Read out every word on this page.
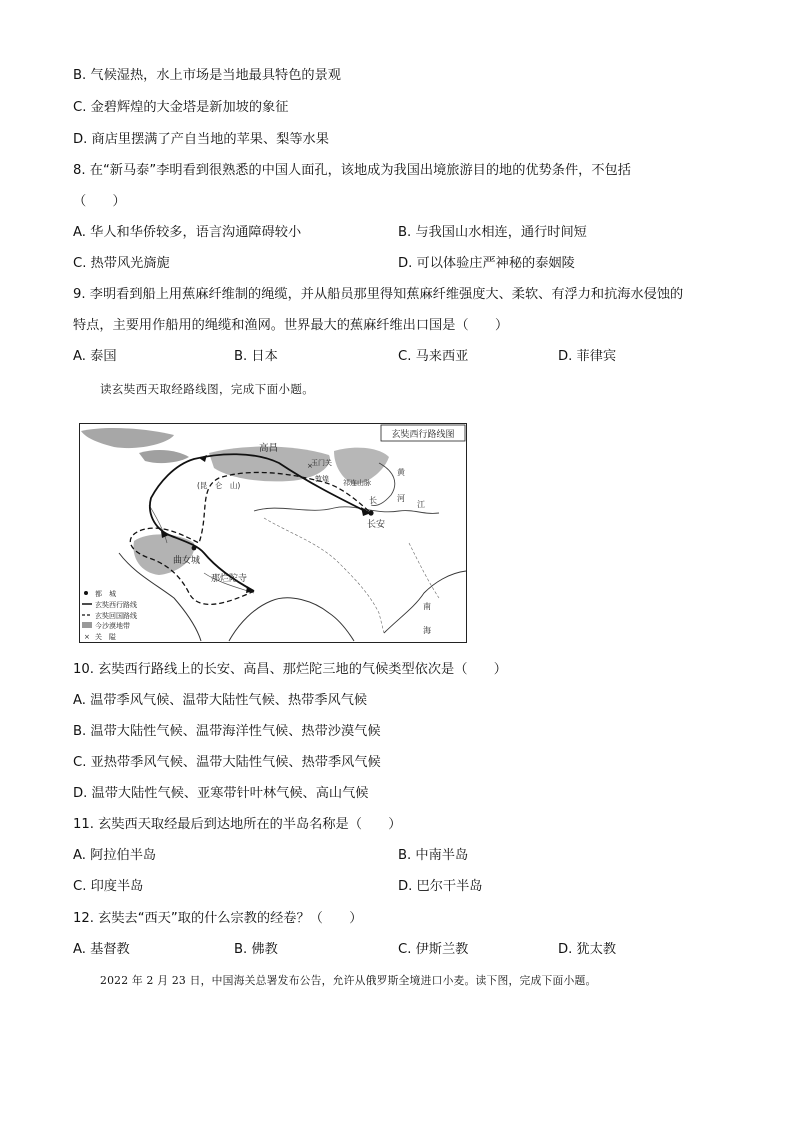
B. 气候湿热，水上市场是当地最具特色的景观
C. 金碧辉煌的大金塔是新加坡的象征
D. 商店里摆满了产自当地的苹果、梨等水果
8. 在“新马泰”李明看到很熟悉的中国人面孔，该地成为我国出境旅游目的地的优势条件，不包括
（　　）
A. 华人和华侨较多，语言沟通障碍较小	B. 与我国山水相连，通行时间短
C. 热带风光旖旎	D. 可以体验庄严神秘的泰姻陵
9. 李明看到船上用蕉麻纤维制的绳缆，并从船员那里得知蕉麻纤维强度大、柔软、有浮力和抗海水侵蚀的
特点，主要用作船用的绳缆和渔网。世界最大的蕉麻纤维出口国是（　　）
A. 泰国	B. 日本	C. 马来西亚	D. 菲律宾
读玄奘西天取经路线图，完成下面小题。
玄奘西行路线图
×
高昌
长安
曲女城
那烂陀寺
玉门关
敦煌
(昆　仑　山)	祁连山脉
黄
河
长	江
南
海
都　城
玄奘西行路线
玄奘回国路线
今沙漠地带
× 关　隘
10. 玄奘西行路线上的长安、高昌、那烂陀三地的气候类型依次是（　　）
A. 温带季风气候、温带大陆性气候、热带季风气候
B. 温带大陆性气候、温带海洋性气候、热带沙漠气候
C. 亚热带季风气候、温带大陆性气候、热带季风气候
D. 温带大陆性气候、亚寒带针叶林气候、高山气候
11. 玄奘西天取经最后到达地所在的半岛名称是（　　）
A. 阿拉伯半岛	B. 中南半岛
C. 印度半岛	D. 巴尔干半岛
12. 玄奘去“西天”取的什么宗教的经卷？（　　）
A. 基督教	B. 佛教	C. 伊斯兰教	D. 犹太教
2022 年 2 月 23 日，中国海关总署发布公告，允许从俄罗斯全境进口小麦。读下图，完成下面小题。
